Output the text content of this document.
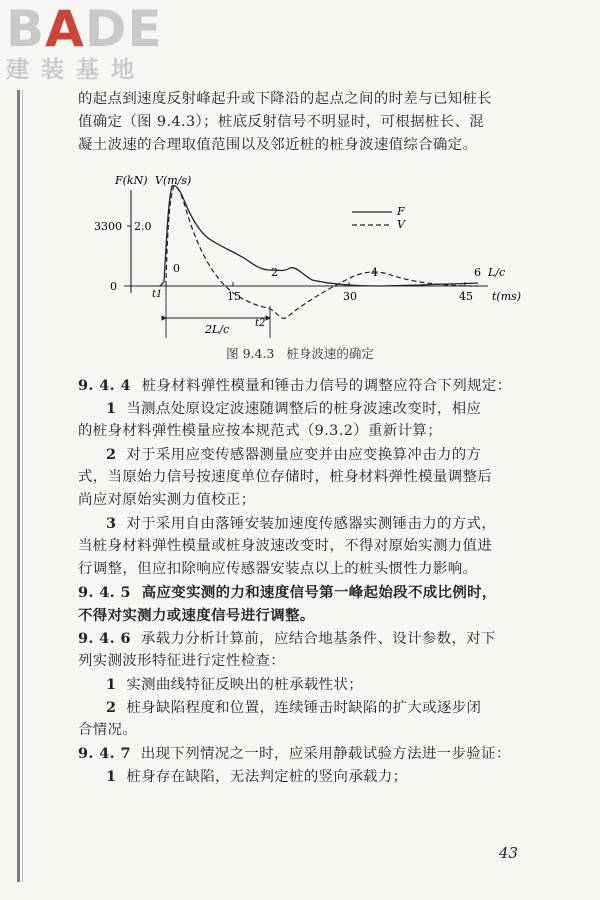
BADE
建装基地
的起点到速度反射峰起升或下降沿的起点之间的时差与已知桩长
值确定（图 9.4.3）；桩底反射信号不明显时，可根据桩长、混
凝土波速的合理取值范围以及邻近桩的桩身波速值综合确定。
F(kN) V(m/s)
3300 2.0
0
15	30	45 t(ms)
0	2	4	6 L/c
F
V
t1
t2
2L/c
图 9.4.3 桩身波速的确定
9. 4. 4 桩身材料弹性模量和锤击力信号的调整应符合下列规定：
1 当测点处原设定波速随调整后的桩身波速改变时，相应
的桩身材料弹性模量应按本规范式（9.3.2）重新计算；
2 对于采用应变传感器测量应变并由应变换算冲击力的方
式，当原始力信号按速度单位存储时，桩身材料弹性模量调整后
尚应对原始实测力值校正；
3 对于采用自由落锤安装加速度传感器实测锤击力的方式，
当桩身材料弹性模量或桩身波速改变时，不得对原始实测力值进
行调整，但应扣除响应传感器安装点以上的桩头惯性力影响。
9. 4. 5 高应变实测的力和速度信号第一峰起始段不成比例时，
不得对实测力或速度信号进行调整。
9. 4. 6 承载力分析计算前，应结合地基条件、设计参数，对下
列实测波形特征进行定性检查：
1 实测曲线特征反映出的桩承载性状；
2 桩身缺陷程度和位置，连续锤击时缺陷的扩大或逐步闭
合情况。
9. 4. 7 出现下列情况之一时，应采用静载试验方法进一步验证：
1 桩身存在缺陷，无法判定桩的竖向承载力；
43
